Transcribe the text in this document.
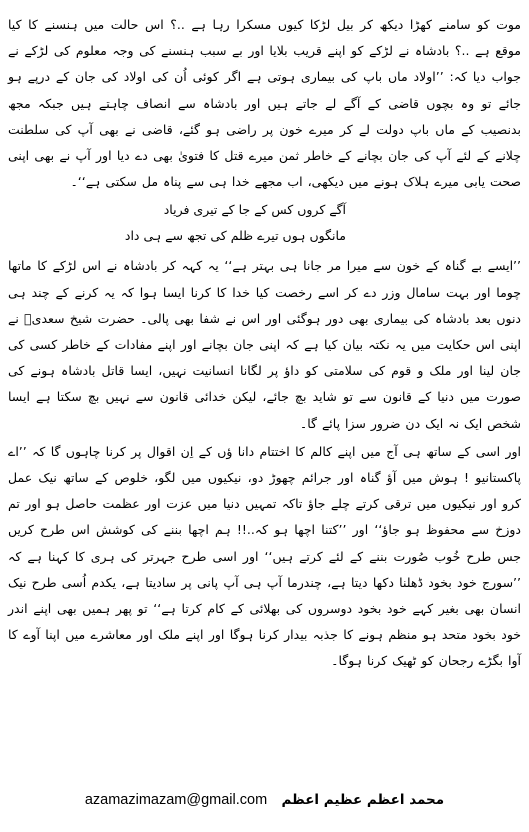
موت کو سامنے کھڑا دیکھ کر بیل لڑکا کیوں مسکرا رہا ہے ..؟ اس حالت میں ہنسنے کا کیا موقع ہے ..؟ بادشاہ نے لڑکے کو اپنے قریب بلایا اور بے سبب ہنسنے کی وجہ معلوم کی لڑکے نے جواب دیا کہ: ’’اولاد ماں باپ کی بیماری ہوتی ہے اگر کوئی اُن کی اولاد کی جان کے درپے ہو جائے تو وہ بچوں قاضی کے آگے لے جاتے ہیں اور بادشاہ سے انصاف چاہتے ہیں جبکہ مجھ بدنصیب کے ماں باپ دولت لے کر میرے خون پر راضی ہو گئے، قاضی نے بھی آپ کی سلطنت چلانے کے لئے آپ کی جان بچانے کے خاطر ثمن میرے قتل کا فتویٰ بھی دے دیا اور آپ نے بھی اپنی صحت یابی میرے ہلاک ہونے میں دیکھی، اب مجھے خدا ہی سے پناہ مل سکتی ہے‘‘۔

آگے کروں کس کے جا کے تیری فریاد
مانگوں ہوں تیرے ظلم کی تجھ سے ہی داد

’’ایسے بے گناہ کے خون سے میرا مر جانا ہی بہتر ہے‘‘ یہ کہہ کر بادشاہ نے اس لڑکے کا ماتھا چوما اور بہت سامال وزر دے کر اسے رخصت کیا خدا کا کرنا ایسا ہوا کہ یہ کرنے کے چند ہی دنوں بعد بادشاہ کی بیماری بھی دور ہوگئی اور اس نے شفا بھی پالی۔ حضرت شیخ سعدیؒ نے اپنی اس حکایت میں یہ نکتہ بیان کیا ہے کہ اپنی جان بچانے اور اپنے مفادات کے خاطر کسی کی جان لینا اور ملک و قوم کی سلامتی کو داؤ پر لگانا انسانیت نہیں، ایسا قاتل بادشاہ ہونے کی صورت میں دنیا کے قانون سے تو شاید بچ جائے، لیکن خدائی قانون سے نہیں بچ سکتا ہے ایسا شخص ایک نہ ایک دن ضرور سزا پائے گا۔

اور اسی کے ساتھ ہی آج میں اپنے کالم کا اختتام دانا ؤں کے اِن اقوال پر کرنا چاہوں گا کہ ’’اے پاکستانیو ! ہوش میں آؤ گناہ اور جرائم چھوڑ دو، نیکیوں میں لگو، خلوص کے ساتھ نیک عمل کرو اور نیکیوں میں ترقی کرتے چلے جاؤ تاکہ تمہیں دنیا میں عزت اور عظمت حاصل ہو اور تم دوزخ سے محفوظ ہو جاؤ‘‘ اور ’’کتنا اچھا ہو کہ..!! ہم اچھا بننے کی کوشش اس طرح کریں جس طرح خُوب صُورت بننے کے لئے کرتے ہیں‘‘ اور اسی طرح جہرتر کی ہری کا کہنا ہے کہ ’’سورج خود بخود ڈھلنا دکھا دیتا ہے، چندرما آپ ہی آپ پانی پر سادیتا ہے، یکدم اُسی طرح نیک انسان بھی بغیر کہے خود بخود دوسروں کی بھلائی کے کام کرتا ہے‘‘ تو پھر ہمیں بھی اپنے اندر خود بخود متحد ہو منظم ہونے کا جذبہ بیدار کرنا ہوگا اور اپنے ملک اور معاشرے میں اپنا آوے کا آوا بگڑے رجحان کو ٹھیک کرنا ہوگا۔

azamazimazam@gmail.com محمد اعظم عظیم اعظم
